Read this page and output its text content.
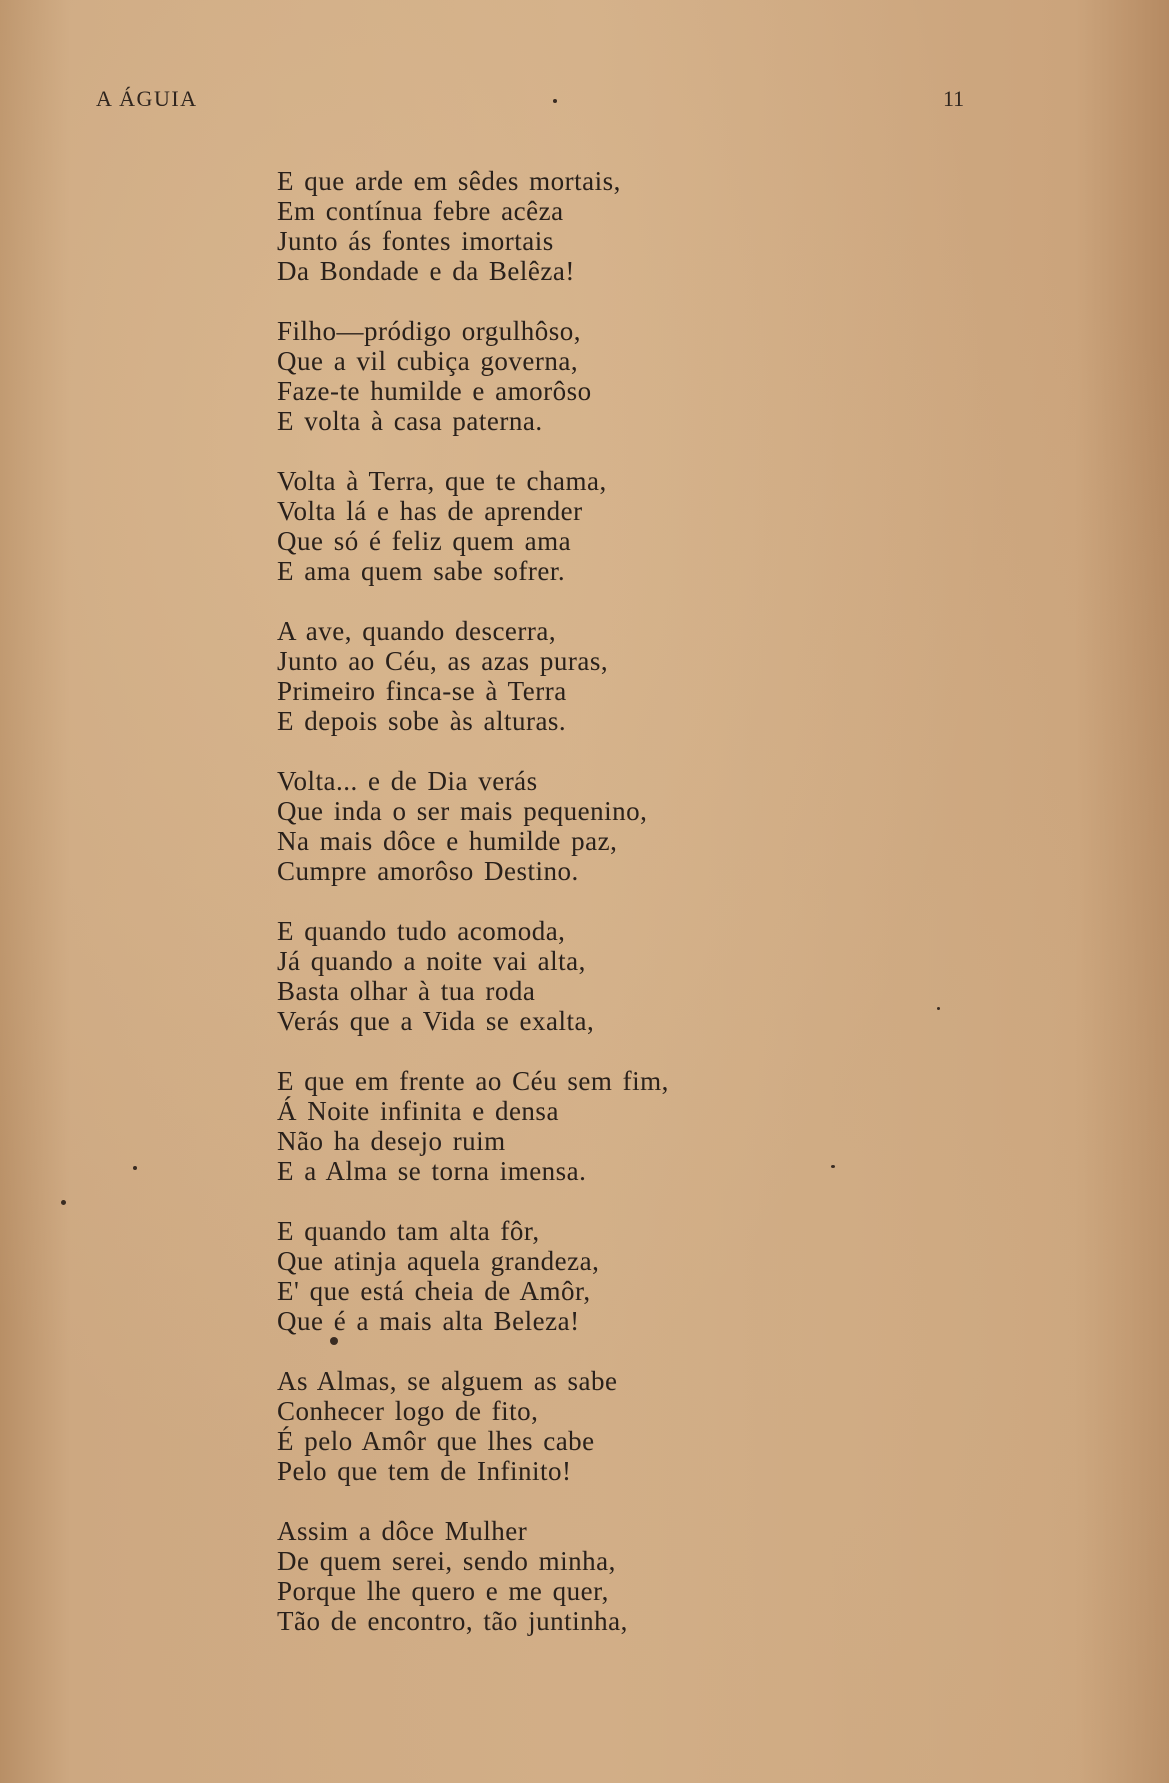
A ÁGUIA	11
E que arde em sêdes mortais,
Em contínua febre acêza
Junto ás fontes imortais
Da Bondade e da Belêza!
Filho—pródigo orgulhôso,
Que a vil cubiça governa,
Faze-te humilde e amorôso
E volta à casa paterna.
Volta à Terra, que te chama,
Volta lá e has de aprender
Que só é feliz quem ama
E ama quem sabe sofrer.
A ave, quando descerra,
Junto ao Céu, as azas puras,
Primeiro finca-se à Terra
E depois sobe às alturas.
Volta... e de Dia verás
Que inda o ser mais pequenino,
Na mais dôce e humilde paz,
Cumpre amorôso Destino.
E quando tudo acomoda,
Já quando a noite vai alta,
Basta olhar à tua roda
Verás que a Vida se exalta,
E que em frente ao Céu sem fim,
Á Noite infinita e densa
Não ha desejo ruim
E a Alma se torna imensa.
E quando tam alta fôr,
Que atinja aquela grandeza,
E' que está cheia de Amôr,
Que é a mais alta Beleza!
As Almas, se alguem as sabe
Conhecer logo de fito,
É pelo Amôr que lhes cabe
Pelo que tem de Infinito!
Assim a dôce Mulher
De quem serei, sendo minha,
Porque lhe quero e me quer,
Tão de encontro, tão juntinha,
